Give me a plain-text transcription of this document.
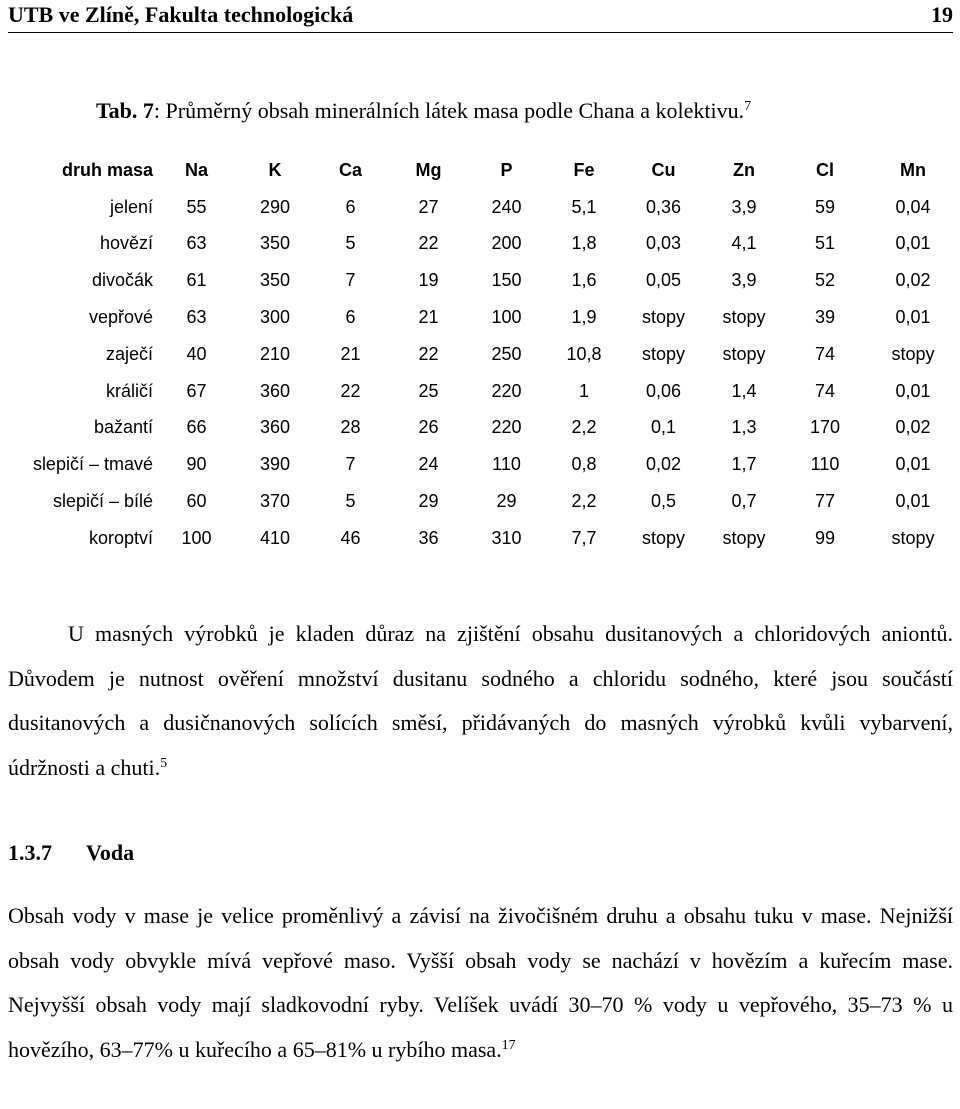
UTB ve Zlíně, Fakulta technologická	19
Tab. 7: Průměrný obsah minerálních látek masa podle Chana a kolektivu.$^7$
druh masa	Na	K	Ca	Mg	P	Fe	Cu	Zn	Cl	Mn
jelení	55	290	6	27	240	5,1	0,36	3,9	59	0,04
hovězí	63	350	5	22	200	1,8	0,03	4,1	51	0,01
divočák	61	350	7	19	150	1,6	0,05	3,9	52	0,02
vepřové	63	300	6	21	100	1,9	stopy	stopy	39	0,01
zaječí	40	210	21	22	250	10,8	stopy	stopy	74	stopy
králičí	67	360	22	25	220	1	0,06	1,4	74	0,01
bažantí	66	360	28	26	220	2,2	0,1	1,3	170	0,02
slepičí – tmavé	90	390	7	24	110	0,8	0,02	1,7	110	0,01
slepičí – bílé	60	370	5	29	29	2,2	0,5	0,7	77	0,01
koroptví	100	410	46	36	310	7,7	stopy	stopy	99	stopy
U masných výrobků je kladen důraz na zjištění obsahu dusitanových a chloridových aniontů. Důvodem je nutnost ověření množství dusitanu sodného a chloridu sodného, které jsou součástí dusitanových a dusičnanových solících směsí, přidávaných do masných výrobků kvůli vybarvení, údržnosti a chuti.$^5$
1.3.7 Voda
Obsah vody v mase je velice proměnlivý a závisí na živočišném druhu a obsahu tuku v mase. Nejnižší obsah vody obvykle mívá vepřové maso. Vyšší obsah vody se nachází v hovězím a kuřecím mase. Nejvyšší obsah vody mají sladkovodní ryby. Velíšek uvádí 30–70 % vody u vepřového, 35–73 % u hovězího, 63–77% u kuřecího a 65–81% u rybího masa.$^{17}$
